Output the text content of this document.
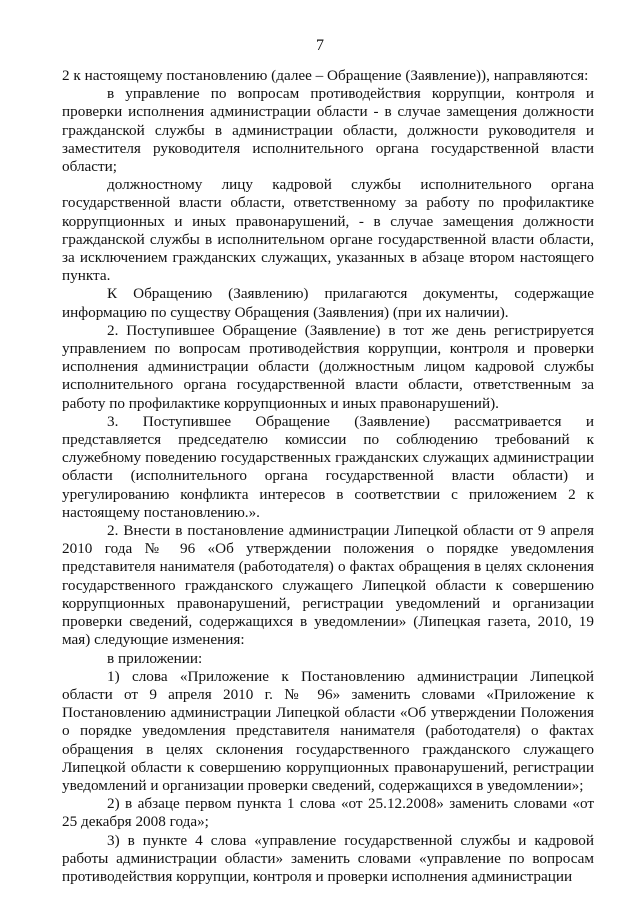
7

2 к настоящему постановлению (далее – Обращение (Заявление)), направляются:

в управление по вопросам противодействия коррупции, контроля и проверки исполнения администрации области - в случае замещения должности гражданской службы в администрации области, должности руководителя и заместителя руководителя исполнительного органа государственной власти области;

должностному лицу кадровой службы исполнительного органа государственной власти области, ответственному за работу по профилактике коррупционных и иных правонарушений, - в случае замещения должности гражданской службы в исполнительном органе государственной власти области, за исключением гражданских служащих, указанных в абзаце втором настоящего пункта.

К Обращению (Заявлению) прилагаются документы, содержащие информацию по существу Обращения (Заявления) (при их наличии).

2. Поступившее Обращение (Заявление) в тот же день регистрируется управлением по вопросам противодействия коррупции, контроля и проверки исполнения администрации области (должностным лицом кадровой службы исполнительного органа государственной власти области, ответственным за работу по профилактике коррупционных и иных правонарушений).

3. Поступившее Обращение (Заявление) рассматривается и представляется председателю комиссии по соблюдению требований к служебному поведению государственных гражданских служащих администрации области (исполнительного органа государственной власти области) и урегулированию конфликта интересов в соответствии с приложением 2 к настоящему постановлению.».

2. Внести в постановление администрации Липецкой области от 9 апреля 2010 года № 96 «Об утверждении положения о порядке уведомления представителя нанимателя (работодателя) о фактах обращения в целях склонения государственного гражданского служащего Липецкой области к совершению коррупционных правонарушений, регистрации уведомлений и организации проверки сведений, содержащихся в уведомлении» (Липецкая газета, 2010, 19 мая) следующие изменения:

в приложении:

1) слова «Приложение к Постановлению администрации Липецкой области от 9 апреля 2010 г. № 96» заменить словами «Приложение к Постановлению администрации Липецкой области «Об утверждении Положения о порядке уведомления представителя нанимателя (работодателя) о фактах обращения в целях склонения государственного гражданского служащего Липецкой области к совершению коррупционных правонарушений, регистрации уведомлений и организации проверки сведений, содержащихся в уведомлении»;

2) в абзаце первом пункта 1 слова «от 25.12.2008» заменить словами «от 25 декабря 2008 года»;

3) в пункте 4 слова «управление государственной службы и кадровой работы администрации области» заменить словами «управление по вопросам противодействия коррупции, контроля и проверки исполнения администрации
